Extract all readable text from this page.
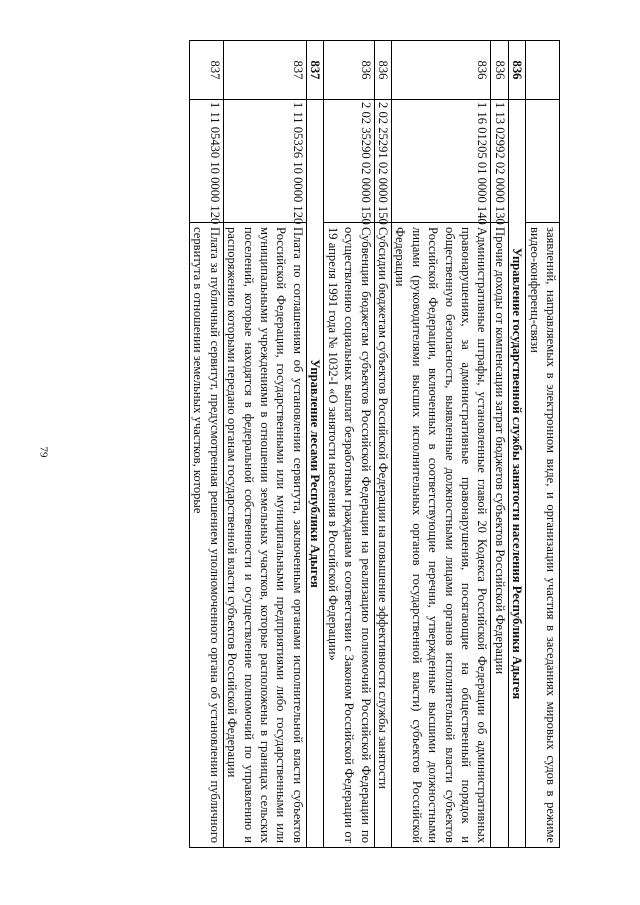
79
			заявлений, направляемых в электронном виде, и организации участия в заседаниях мировых судов в режиме видео-конференц-связи
836	Управление государственной службы занятости населения Республики Адыгея	
836	1 13 02992 02 0000 130	Прочие доходы от компенсации затрат бюджетов субъектов Российской Федерации
836	1 16 01205 01 0000 140	Административные штрафы, установленные главой 20 Кодекса Российской Федерации об административных правонарушениях, за административные правонарушения, посягающие на общественный порядок и общественную безопасность, выявленные должностными лицами органов исполнительной власти субъектов Российской Федерации, включенных в соответствующие перечни, утвержденные высшими должностными лицами (руководителями высших исполнительных органов государственной власти) субъектов Российской Федерации
836	2 02 25291 02 0000 150	Субсидии бюджетам субъектов Российской Федерации на повышение эффективности службы занятости
836	2 02 35290 02 0000 150	Субвенции бюджетам субъектов Российской Федерации на реализацию полномочий Российской Федерации по осуществлению социальных выплат безработным гражданам в соответствии с Законом Российской Федерации от 19 апреля 1991 года № 1032-I «О занятости населения в Российской Федерации»
837	Управление лесами Республики Адыгея	
837	1 11 05326 10 0000 120	Плата по соглашениям об установлении сервитута, заключенным органами исполнительной власти субъектов Российской Федерации, государственными или муниципальными предприятиями либо государственными или муниципальными учреждениями в отношении земельных участков, которые расположены в границах сельских поселений, которые находятся в федеральной собственности и осуществление полномочий по управлению и распоряжению которыми передано органам государственной власти субъектов Российской Федерации
837	1 11 05430 10 0000 120	Плата за публичный сервитут, предусмотренная решением уполномоченного органа об установлении публичного сервитута в отношении земельных участков, которые
